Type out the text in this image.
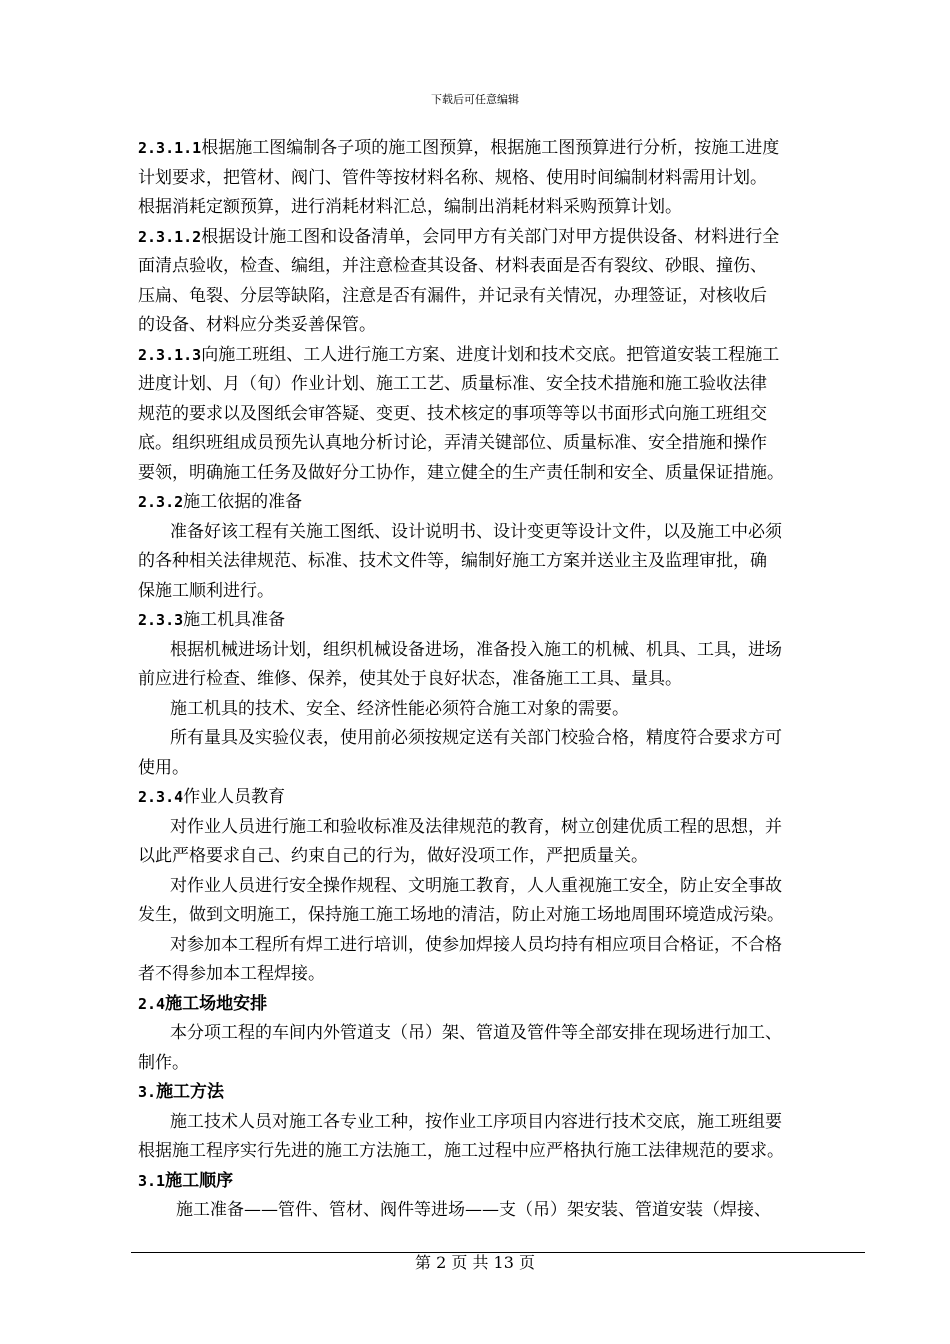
下载后可任意编辑
2.3.1.1根据施工图编制各子项的施工图预算，根据施工图预算进行分析，按施工进度
计划要求，把管材、阀门、管件等按材料名称、规格、使用时间编制材料需用计划。
根据消耗定额预算，进行消耗材料汇总，编制出消耗材料采购预算计划。
2.3.1.2根据设计施工图和设备清单，会同甲方有关部门对甲方提供设备、材料进行全
面清点验收，检查、编组，并注意检查其设备、材料表面是否有裂纹、砂眼、撞伤、
压扁、龟裂、分层等缺陷，注意是否有漏件，并记录有关情况，办理签证，对核收后
的设备、材料应分类妥善保管。
2.3.1.3向施工班组、工人进行施工方案、进度计划和技术交底。把管道安装工程施工
进度计划、月（旬）作业计划、施工工艺、质量标准、安全技术措施和施工验收法律
规范的要求以及图纸会审答疑、变更、技术核定的事项等等以书面形式向施工班组交
底。组织班组成员预先认真地分析讨论，弄清关键部位、质量标准、安全措施和操作
要领，明确施工任务及做好分工协作，建立健全的生产责任制和安全、质量保证措施。
2.3.2施工依据的准备
准备好该工程有关施工图纸、设计说明书、设计变更等设计文件，以及施工中必须
的各种相关法律规范、标准、技术文件等，编制好施工方案并送业主及监理审批，确
保施工顺利进行。
2.3.3施工机具准备
根据机械进场计划，组织机械设备进场，准备投入施工的机械、机具、工具，进场
前应进行检查、维修、保养，使其处于良好状态，准备施工工具、量具。
施工机具的技术、安全、经济性能必须符合施工对象的需要。
所有量具及实验仪表，使用前必须按规定送有关部门校验合格，精度符合要求方可
使用。
2.3.4作业人员教育
对作业人员进行施工和验收标准及法律规范的教育，树立创建优质工程的思想，并
以此严格要求自己、约束自己的行为，做好没项工作，严把质量关。
对作业人员进行安全操作规程、文明施工教育，人人重视施工安全，防止安全事故
发生，做到文明施工，保持施工施工场地的清洁，防止对施工场地周围环境造成污染。
对参加本工程所有焊工进行培训，使参加焊接人员均持有相应项目合格证，不合格
者不得参加本工程焊接。
2.4施工场地安排
本分项工程的车间内外管道支（吊）架、管道及管件等全部安排在现场进行加工、
制作。
3.施工方法
施工技术人员对施工各专业工种，按作业工序项目内容进行技术交底，施工班组要
根据施工程序实行先进的施工方法施工，施工过程中应严格执行施工法律规范的要求。
3.1施工顺序
施工准备——管件、管材、阀件等进场——支（吊）架安装、管道安装（焊接、
第 2 页 共 13 页
